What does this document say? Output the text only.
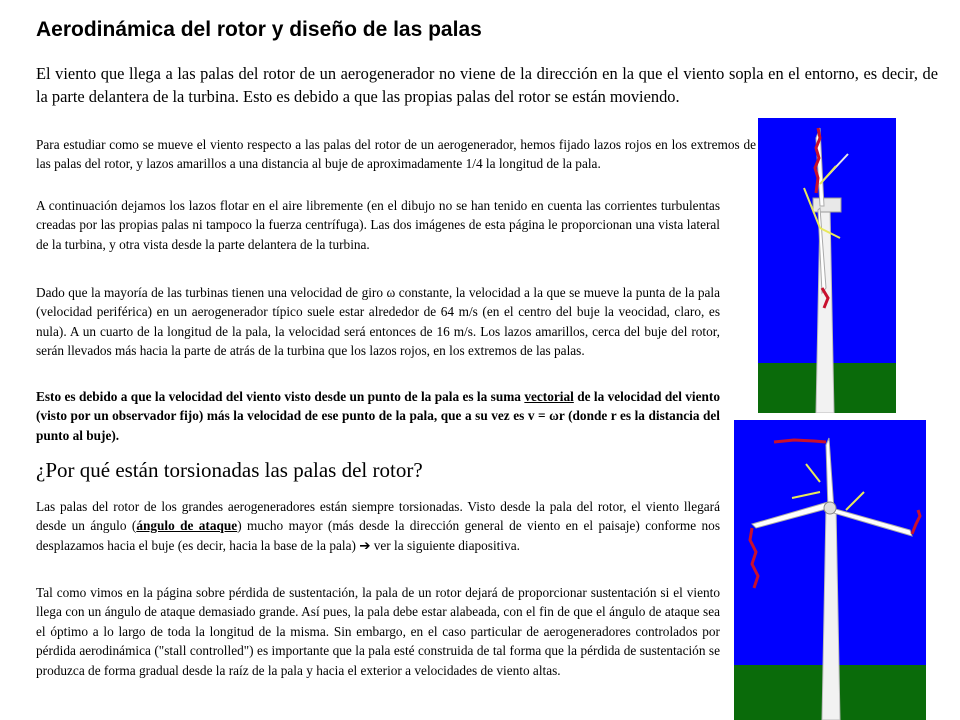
Aerodinámica del rotor y diseño de las palas

El viento que llega a las palas del rotor de un aerogenerador no viene de la dirección en la que el viento sopla en el entorno, es decir, de la parte delantera de la turbina. Esto es debido a que las propias palas del rotor se están moviendo.

Para estudiar como se mueve el viento respecto a las palas del rotor de un aerogenerador, hemos fijado lazos rojos en los extremos de las palas del rotor, y lazos amarillos a una distancia al buje de aproximadamente 1/4 la longitud de la pala.

A continuación dejamos los lazos flotar en el aire libremente (en el dibujo no se han tenido en cuenta las corrientes turbulentas creadas por las propias palas ni tampoco la fuerza centrífuga). Las dos imágenes de esta página le proporcionan una vista lateral de la turbina, y otra vista desde la parte delantera de la turbina.

Dado que la mayoría de las turbinas tienen una velocidad de giro ω constante, la velocidad a la que se mueve la punta de la pala (velocidad periférica) en un aerogenerador típico suele estar alrededor de 64 m/s (en el centro del buje la veocidad, claro, es nula). A un cuarto de la longitud de la pala, la velocidad será entonces de 16 m/s. Los lazos amarillos, cerca del buje del rotor, serán llevados más hacia la parte de atrás de la turbina que los lazos rojos, en los extremos de las palas.

Esto es debido a que la velocidad del viento visto desde un punto de la pala es la suma vectorial de la velocidad del viento (visto por un observador fijo) más la velocidad de ese punto de la pala, que a su vez es v = ωr (donde r es la distancia del punto al buje).

¿Por qué están torsionadas las palas del rotor?

Las palas del rotor de los grandes aerogeneradores están siempre torsionadas. Visto desde la pala del rotor, el viento llegará desde un ángulo (ángulo de ataque) mucho mayor (más desde la dirección general de viento en el paisaje) conforme nos desplazamos hacia el buje (es decir, hacia la base de la pala) ➔ ver la siguiente diapositiva.

Tal como vimos en la página sobre pérdida de sustentación, la pala de un rotor dejará de proporcionar sustentación si el viento llega con un ángulo de ataque demasiado grande. Así pues, la pala debe estar alabeada, con el fin de que el ángulo de ataque sea el óptimo a lo largo de toda la longitud de la misma. Sin embargo, en el caso particular de aerogeneradores controlados por pérdida aerodinámica ("stall controlled") es importante que la pala esté construida de tal forma que la pérdida de sustentación se produzca de forma gradual desde la raíz de la pala y hacia el exterior a velocidades de viento altas.
